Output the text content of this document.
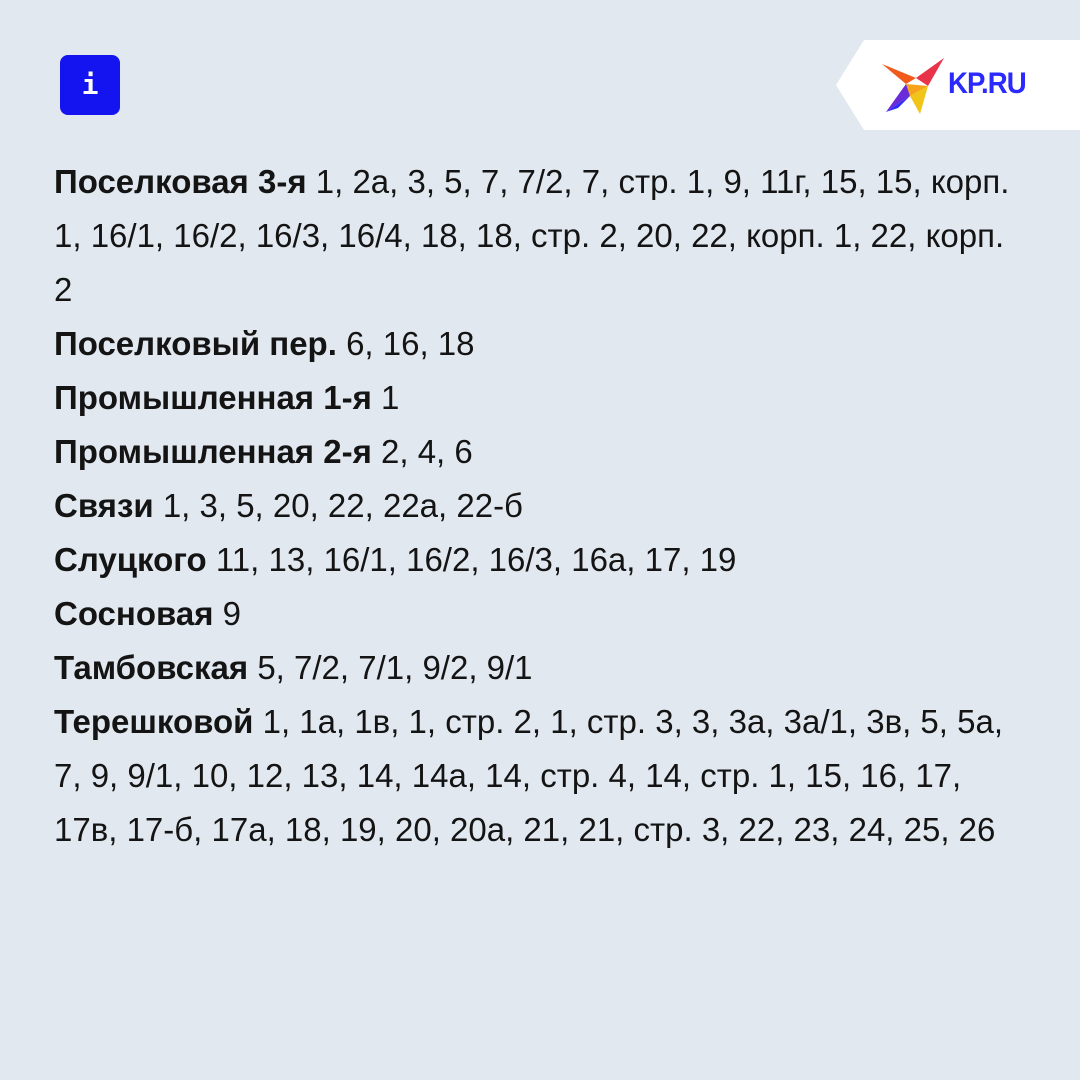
i	KP.RU

Поселковая 3-я 1, 2а, 3, 5, 7, 7/2, 7, стр. 1, 9, 11г, 15, 15, корп. 1, 16/1, 16/2, 16/3, 16/4, 18, 18, стр. 2, 20, 22, корп. 1, 22, корп. 2

Поселковый пер. 6, 16, 18

Промышленная 1-я 1

Промышленная 2-я 2, 4, 6

Связи 1, 3, 5, 20, 22, 22а, 22-б

Слуцкого 11, 13, 16/1, 16/2, 16/3, 16а, 17, 19

Сосновая 9

Тамбовская 5, 7/2, 7/1, 9/2, 9/1

Терешковой 1, 1а, 1в, 1, стр. 2, 1, стр. 3, 3, 3а, 3а/1, 3в, 5, 5а, 7, 9, 9/1, 10, 12, 13, 14, 14а, 14, стр. 4, 14, стр. 1, 15, 16, 17, 17в, 17-б, 17а, 18, 19, 20, 20а, 21, 21, стр. 3, 22, 23, 24, 25, 26
